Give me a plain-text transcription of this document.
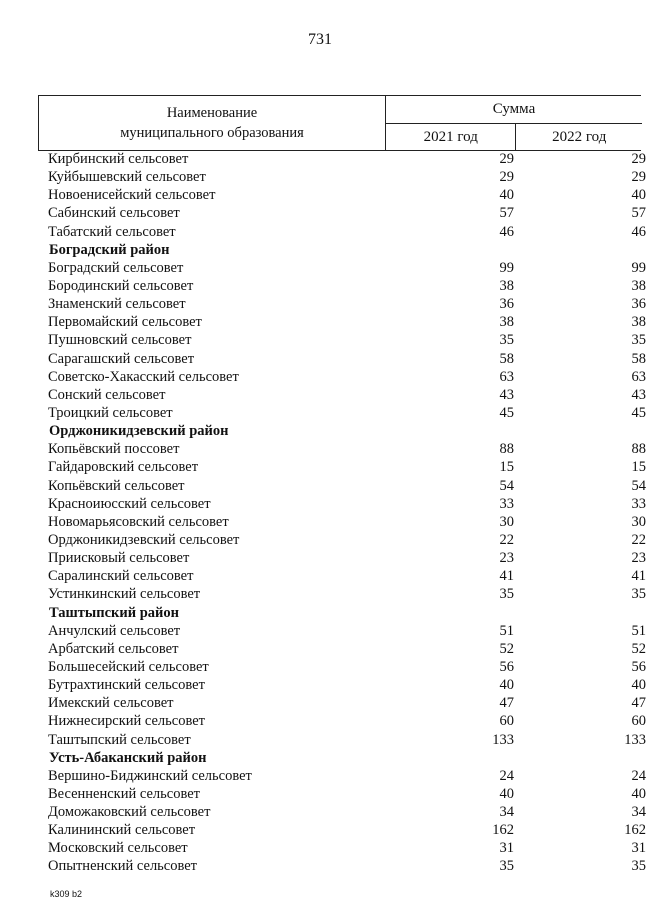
731
Наименование
муниципального образования
Сумма
2021 год	2022 год
Кирбинский сельсовет	29	29
Куйбышевский сельсовет	29	29
Новоенисейский сельсовет	40	40
Сабинский сельсовет	57	57
Табатский сельсовет	46	46
Боградский район
Боградский сельсовет	99	99
Бородинский сельсовет	38	38
Знаменский сельсовет	36	36
Первомайский сельсовет	38	38
Пушновский сельсовет	35	35
Сарагашский сельсовет	58	58
Советско-Хакасский сельсовет	63	63
Сонский сельсовет	43	43
Троицкий сельсовет	45	45
Орджоникидзевский район
Копьёвский поссовет	88	88
Гайдаровский сельсовет	15	15
Копьёвский сельсовет	54	54
Красноиюсский сельсовет	33	33
Новомарьясовский сельсовет	30	30
Орджоникидзевский сельсовет	22	22
Приисковый сельсовет	23	23
Саралинский сельсовет	41	41
Устинкинский сельсовет	35	35
Таштыпский район
Анчулский сельсовет	51	51
Арбатский сельсовет	52	52
Большесейский сельсовет	56	56
Бутрахтинский сельсовет	40	40
Имекский сельсовет	47	47
Нижнесирский сельсовет	60	60
Таштыпский сельсовет	133	133
Усть-Абаканский район
Вершино-Биджинский сельсовет	24	24
Весенненский сельсовет	40	40
Доможаковский сельсовет	34	34
Калининский сельсовет	162	162
Московский сельсовет	31	31
Опытненский сельсовет	35	35
k309 b2
